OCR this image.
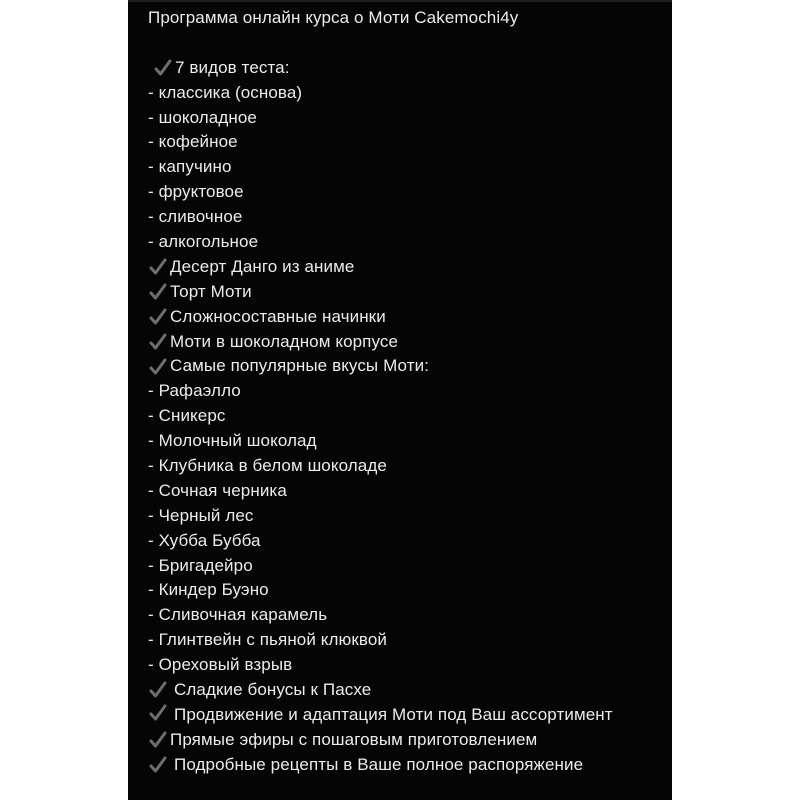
Программа онлайн курса о Моти Cakemochi4y
7 видов теста:
- классика (основа)
- шоколадное
- кофейное
- капучино
- фруктовое
- сливочное
- алкогольное
Десерт Данго из аниме
Торт Моти
Сложносоставные начинки
Моти в шоколадном корпусе
Самые популярные вкусы Моти:
- Рафаэлло
- Сникерс
- Молочный шоколад
- Клубника в белом шоколаде
- Сочная черника
- Черный лес
- Хубба Бубба
- Бригадейро
- Киндер Буэно
- Сливочная карамель
- Глинтвейн с пьяной клюквой
- Ореховый взрыв
Сладкие бонусы к Пасхе
Продвижение и адаптация Моти под Ваш ассортимент
Прямые эфиры с пошаговым приготовлением
Подробные рецепты в Ваше полное распоряжение
